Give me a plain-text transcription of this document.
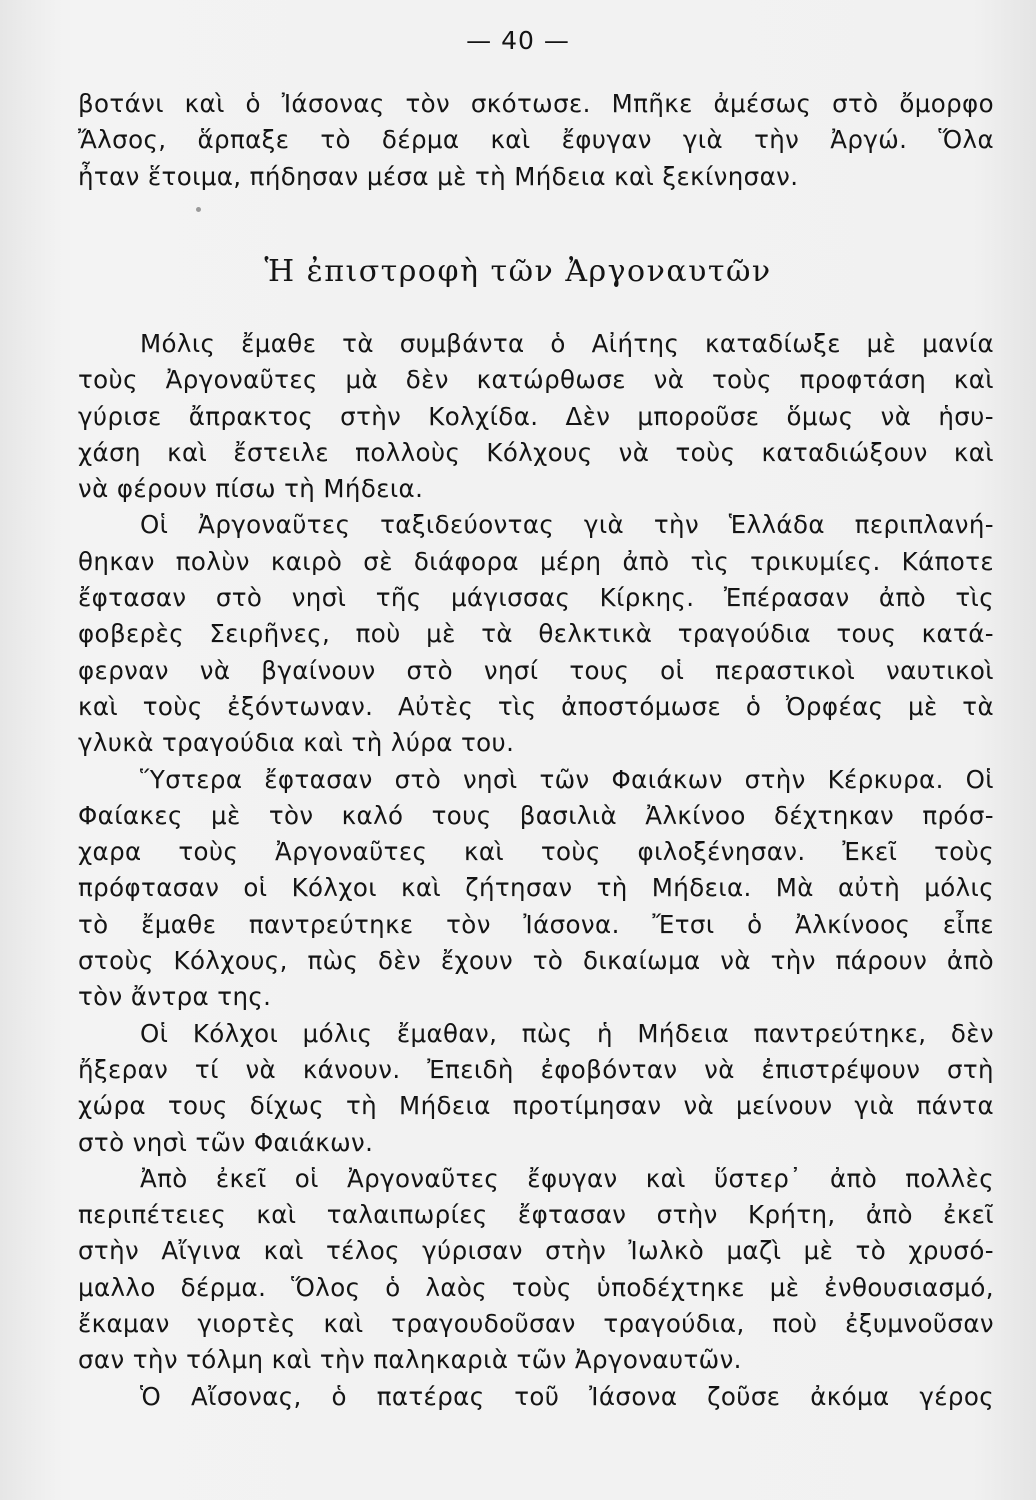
— 40 —
βοτάνι καὶ ὁ Ἰάσονας τὸν σκότωσε. Μπῆκε ἀμέσως στὸ ὄμορφο
Ἄλσος, ἅρπαξε τὸ δέρμα καὶ ἔφυγαν γιὰ τὴν Ἀργώ. Ὅλα
ἦταν ἕτοιμα, πήδησαν μέσα μὲ τὴ Μήδεια καὶ ξεκίνησαν.
Ἡ ἐπιστροφὴ τῶν Ἀργοναυτῶν
Μόλις ἔμαθε τὰ συμβάντα ὁ Αἰήτης καταδίωξε μὲ μανία
τοὺς Ἀργοναῦτες μὰ δὲν κατώρθωσε νὰ τοὺς προφτάση καὶ
γύρισε ἄπρακτος στὴν Κολχίδα. Δὲν μποροῦσε ὅμως νὰ ἡσυ-
χάση καὶ ἔστειλε πολλοὺς Κόλχους νὰ τοὺς καταδιώξουν καὶ
νὰ φέρουν πίσω τὴ Μήδεια.
Οἱ Ἀργοναῦτες ταξιδεύοντας γιὰ τὴν Ἑλλάδα περιπλανή-
θηκαν πολὺν καιρὸ σὲ διάφορα μέρη ἀπὸ τὶς τρικυμίες. Κάποτε
ἔφτασαν στὸ νησὶ τῆς μάγισσας Κίρκης. Ἐπέρασαν ἀπὸ τὶς
φοβερὲς Σειρῆνες, ποὺ μὲ τὰ θελκτικὰ τραγούδια τους κατά-
φερναν νὰ βγαίνουν στὸ νησί τους οἱ περαστικοὶ ναυτικοὶ
καὶ τοὺς ἐξόντωναν. Αὐτὲς τὶς ἀποστόμωσε ὁ Ὀρφέας μὲ τὰ
γλυκὰ τραγούδια καὶ τὴ λύρα του.
Ὕστερα ἔφτασαν στὸ νησὶ τῶν Φαιάκων στὴν Κέρκυρα. Οἱ
Φαίακες μὲ τὸν καλό τους βασιλιὰ Ἀλκίνοο δέχτηκαν πρόσ-
χαρα τοὺς Ἀργοναῦτες καὶ τοὺς φιλοξένησαν. Ἐκεῖ τοὺς
πρόφτασαν οἱ Κόλχοι καὶ ζήτησαν τὴ Μήδεια. Μὰ αὐτὴ μόλις
τὸ ἔμαθε παντρεύτηκε τὸν Ἰάσονα. Ἔτσι ὁ Ἀλκίνοος εἶπε
στοὺς Κόλχους, πὼς δὲν ἔχουν τὸ δικαίωμα νὰ τὴν πάρουν ἀπὸ
τὸν ἄντρα της.
Οἱ Κόλχοι μόλις ἔμαθαν, πὼς ἡ Μήδεια παντρεύτηκε, δὲν
ἤξεραν τί νὰ κάνουν. Ἐπειδὴ ἐφοβόνταν νὰ ἐπιστρέψουν στὴ
χώρα τους δίχως τὴ Μήδεια προτίμησαν νὰ μείνουν γιὰ πάντα
στὸ νησὶ τῶν Φαιάκων.
Ἀπὸ ἐκεῖ οἱ Ἀργοναῦτες ἔφυγαν καὶ ὕστερ᾽ ἀπὸ πολλὲς
περιπέτειες καὶ ταλαιπωρίες ἔφτασαν στὴν Κρήτη, ἀπὸ ἐκεῖ
στὴν Αἴγινα καὶ τέλος γύρισαν στὴν Ἰωλκὸ μαζὶ μὲ τὸ χρυσό-
μαλλο δέρμα. Ὅλος ὁ λαὸς τοὺς ὑποδέχτηκε μὲ ἐνθουσιασμό,
ἔκαμαν γιορτὲς καὶ τραγουδοῦσαν τραγούδια, ποὺ ἐξυμνοῦσαν
σαν τὴν τόλμη καὶ τὴν παληκαριὰ τῶν Ἀργοναυτῶν.
Ὁ Αἴσονας, ὁ πατέρας τοῦ Ἰάσονα ζοῦσε ἀκόμα γέρος
